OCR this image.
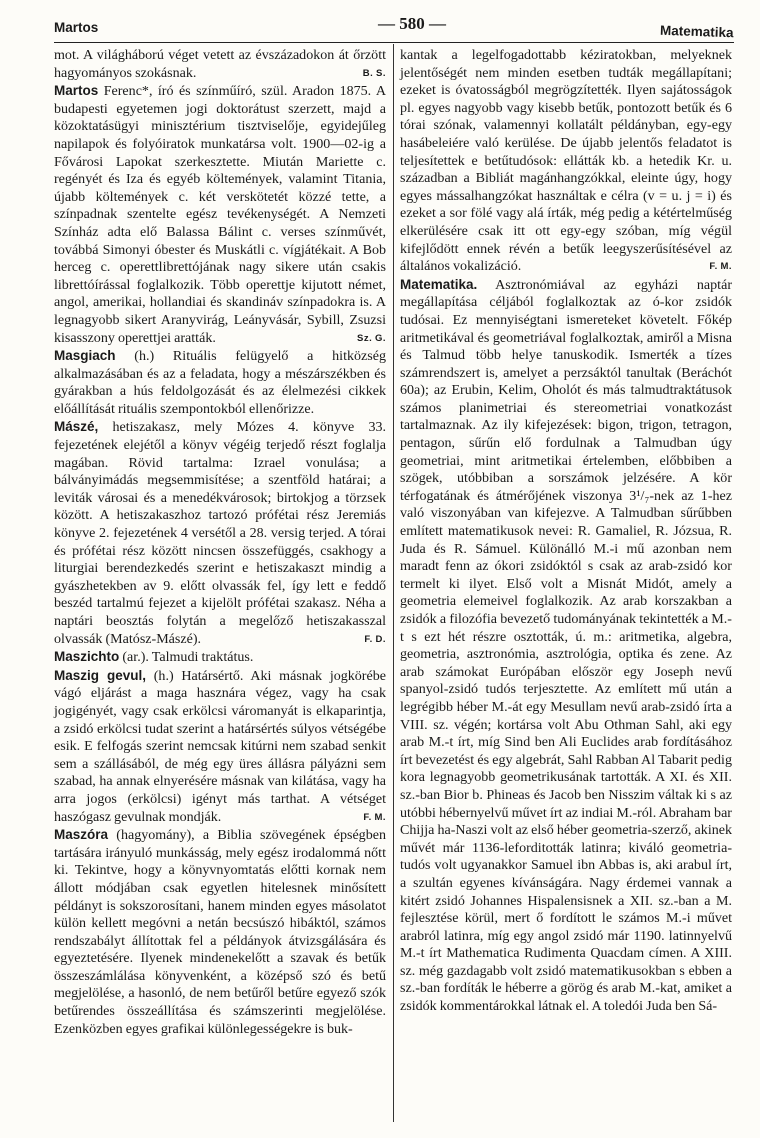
Martos	— 580 —	Matematika

mot. A világháború véget vetett az évszázadokon át őrzött hagyományos szokásnak.	B. S.

Martos Ferenc*, író és színműíró, szül. Aradon 1875. A budapesti egyetemen jogi doktorátust szerzett, majd a közoktatásügyi minisztérium tisztviselője, egyidejűleg napilapok és folyóiratok munkatársa volt. 1900—02-ig a Fővárosi Lapokat szerkesztette. Miután Mariette c. regényét és Iza és egyéb költemények, valamint Titania, újabb költemények c. két verskötetét közzé tette, a színpadnak szentelte egész tevékenységét. A Nemzeti Színház adta elő Balassa Bálint c. verses színművét, továbbá Simonyi óbester és Muskátli c. vígjátékait. A Bob herceg c. operettlibrettójának nagy sikere után csakis librettóírással foglalkozik. Több operettje kijutott német, angol, amerikai, hollandiai és skandináv színpadokra is. A legnagyobb sikert Aranyvirág, Leányvásár, Sybill, Zsuzsi kisasszony operettjei aratták.	Sz. G.

Masgiach (h.) Rituális felügyelő a hitközség alkalmazásában és az a feladata, hogy a mészárszékben és gyárakban a hús feldolgozását és az élelmezési cikkek előállítását rituális szempontokból ellenőrizze.

Mászé, hetiszakasz, mely Mózes 4. könyve 33. fejezetének elejétől a könyv végéig terjedő részt foglalja magában. Rövid tartalma: Izrael vonulása; a bálványimádás megsemmisítése; a szentföld határai; a leviták városai és a menedékvárosok; birtokjog a törzsek között. A hetiszakaszhoz tartozó prófétai rész Jeremiás könyve 2. fejezetének 4 versétől a 28. versig terjed. A tórai és prófétai rész között nincsen összefüggés, csakhogy a liturgiai berendezkedés szerint e hetiszakaszt mindig a gyászhetekben av 9. előtt olvassák fel, így lett e feddő beszéd tartalmú fejezet a kijelölt prófétai szakasz. Néha a naptári beosztás folytán a megelőző hetiszakasszal olvassák (Matósz-Mászé).	F. D.

Maszichto (ar.). Talmudi traktátus.

Maszig gevul, (h.) Határsértő. Aki másnak jogkörébe vágó eljárást a maga hasznára végez, vagy ha csak jogigényét, vagy csak erkölcsi váromanyát is elkaparintja, a zsidó erkölcsi tudat szerint a határsértés súlyos vétségébe esik. E felfogás szerint nemcsak kitúrni nem szabad senkit sem a szállásából, de még egy üres állásra pályázni sem szabad, ha annak elnyerésére másnak van kilátása, vagy ha arra jogos (erkölcsi) igényt más tarthat. A vétséget haszógasz gevulnak mondják.	F. M.

Maszóra (hagyomány), a Biblia szövegének épségben tartására irányuló munkásság, mely egész irodalommá nőtt ki. Tekintve, hogy a könyvnyomtatás előtti kornak nem állott módjában csak egyetlen hitelesnek minősített példányt is sokszorosítani, hanem minden egyes másolatot külön kellett megóvni a netán becsúszó hibáktól, számos rendszabályt állítottak fel a példányok átvizsgálására és egyeztetésére. Ilyenek mindenekelőtt a szavak és betűk összeszámlálása könyvenként, a középső szó és betű megjelölése, a hasonló, de nem betűről betűre egyező szók betűrendes összeállítása és számszerinti megjelölése. Ezenközben egyes grafikai különlegességekre is buk-

kantak a legelfogadottabb kéziratokban, melyeknek jelentőségét nem minden esetben tudták megállapítani; ezeket is óvatosságból megrögzítették. Ilyen sajátosságok pl. egyes nagyobb vagy kisebb betűk, pontozott betűk és 6 tórai szónak, valamennyi kollatált példányban, egy-egy hasábeleiére való kerülése. De újabb jelentős feladatot is teljesítettek e betűtudósok: ellátták kb. a hetedik Kr. u. században a Bibliát magánhangzókkal, eleinte úgy, hogy egyes mássalhangzókat használtak e célra (v = u. j = i) és ezeket a sor fölé vagy alá írták, még pedig a kétértelműség elkerülésére csak itt ott egy-egy szóban, míg végül kifejlődött ennek révén a betűk leegyszerűsítésével az általános vokalizáció.	F. M.

Matematika. Asztronómiával az egyházi naptár megállapítása céljából foglalkoztak az ó-kor zsidók tudósai. Ez mennyiségtani ismereteket követelt. Főkép aritmetikával és geometriával foglalkoztak, amiről a Misna és Talmud több helye tanuskodik. Ismerték a tízes számrendszert is, amelyet a perzsáktól tanultak (Beráchót 60a); az Erubin, Kelim, Oholót és más talmudtraktátusok számos planimetriai és stereometriai vonatkozást tartalmaznak. Az ily kifejezések: bigon, trigon, tetragon, pentagon, sűrűn elő fordulnak a Talmudban úgy geometriai, mint aritmetikai értelemben, előbbiben a szögek, utóbbiban a sorszámok jelzésére. A kör térfogatának és átmérőjének viszonya 3¹/₇-nek az 1-hez való viszonyában van kifejezve. A Talmudban sűrűbben említett matematikusok nevei: R. Gamaliel, R. Józsua, R. Juda és R. Sámuel. Különálló M.-i mű azonban nem maradt fenn az ókori zsidóktól s csak az arab-zsidó kor termelt ki ilyet. Első volt a Misnát Midót, amely a geometria elemeivel foglalkozik. Az arab korszakban a zsidók a filozófia bevezető tudományának tekintették a M.-t s ezt hét részre osztották, ú. m.: aritmetika, algebra, geometria, asztronómia, asztrológia, optika és zene. Az arab számokat Európában először egy Joseph nevű spanyol-zsidó tudós terjesztette. Az említett mű után a legrégibb héber M.-át egy Mesullam nevű arab-zsidó írta a VIII. sz. végén; kortársa volt Abu Othman Sahl, aki egy arab M.-t írt, míg Sind ben Ali Euclides arab fordításához írt bevezetést és egy algebrát, Sahl Rabban Al Tabarit pedig kora legnagyobb geometrikusának tartották. A XI. és XII. sz.-ban Bior b. Phineas és Jacob ben Nisszim váltak ki s az utóbbi hébernyelvű művet írt az indiai M.-ról. Abraham bar Chijja ha-Naszi volt az első héber geometria-szerző, akinek művét már 1136-leforditották latinra; kiváló geometria-tudós volt ugyanakkor Samuel ibn Abbas is, aki arabul írt, a szultán egyenes kívánságára. Nagy érdemei vannak a kitért zsidó Johannes Hispalensisnek a XII. sz.-ban a M. fejlesztése körül, mert ő fordított le számos M.-i művet arabról latinra, míg egy angol zsidó már 1190. latinnyelvű M.-t írt Mathematica Rudimenta Quacdam címen. A XIII. sz. még gazdagabb volt zsidó matematikusokban s ebben a sz.-ban fordíták le héberre a görög és arab M.-kat, amiket a zsidók kommentárokkal látnak el. A toledói Juda ben Sá-
